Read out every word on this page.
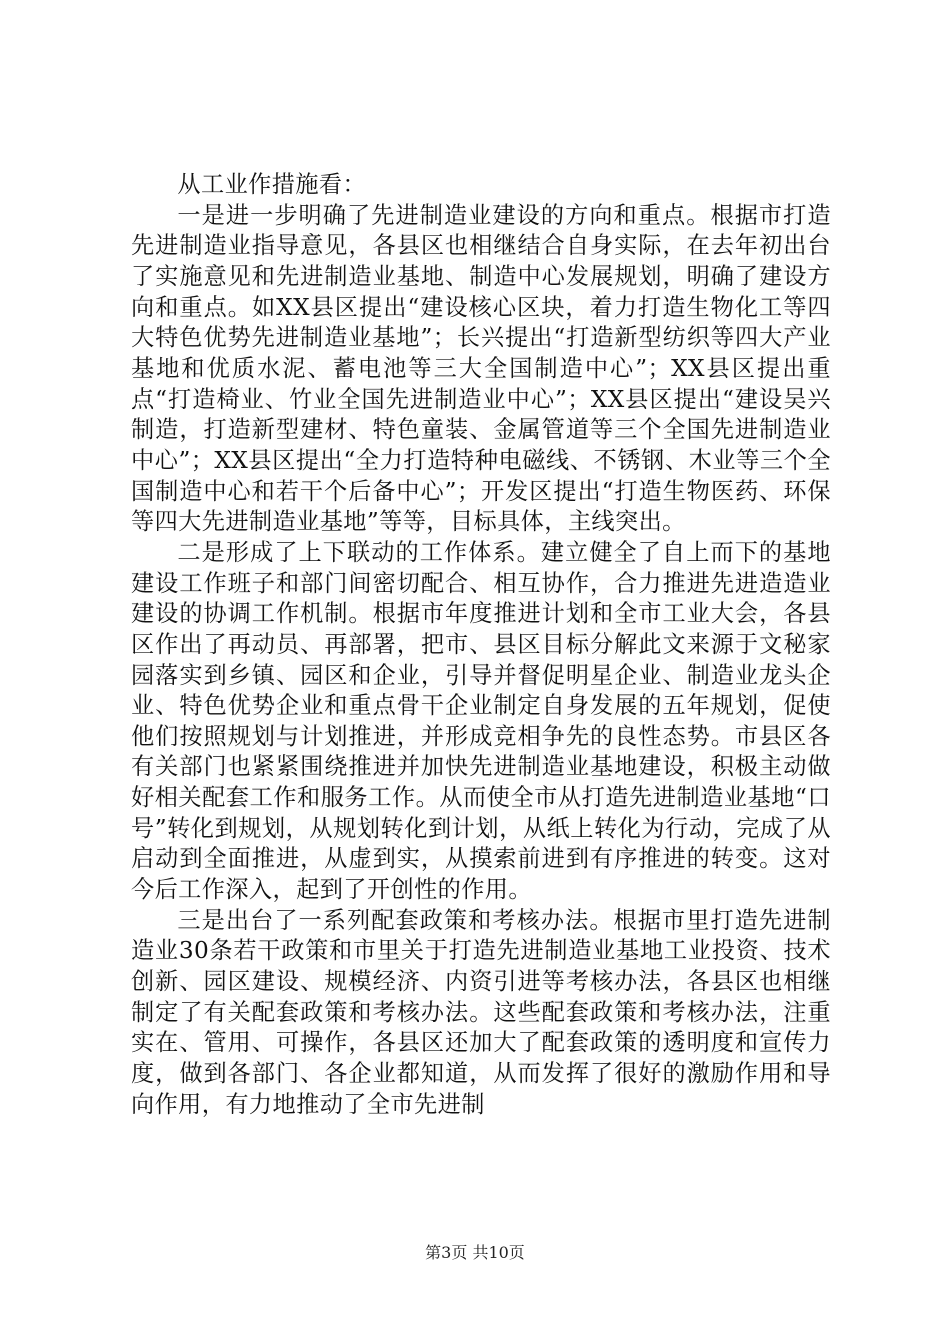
从工业作措施看：

一是进一步明确了先进制造业建设的方向和重点。根据市打造先进制造业指导意见，各县区也相继结合自身实际，在去年初出台了实施意见和先进制造业基地、制造中心发展规划，明确了建设方向和重点。如XX县区提出“建设核心区块，着力打造生物化工等四大特色优势先进制造业基地”；长兴提出“打造新型纺织等四大产业基地和优质水泥、蓄电池等三大全国制造中心”；XX县区提出重点“打造椅业、竹业全国先进制造业中心”；XX县区提出“建设吴兴制造，打造新型建材、特色童装、金属管道等三个全国先进制造业中心”；XX县区提出“全力打造特种电磁线、不锈钢、木业等三个全国制造中心和若干个后备中心”；开发区提出“打造生物医药、环保等四大先进制造业基地”等等，目标具体，主线突出。

二是形成了上下联动的工作体系。建立健全了自上而下的基地建设工作班子和部门间密切配合、相互协作，合力推进先进造造业建设的协调工作机制。根据市年度推进计划和全市工业大会，各县区作出了再动员、再部署，把市、县区目标分解此文来源于文秘家园落实到乡镇、园区和企业，引导并督促明星企业、制造业龙头企业、特色优势企业和重点骨干企业制定自身发展的五年规划，促使他们按照规划与计划推进，并形成竞相争先的良性态势。市县区各有关部门也紧紧围绕推进并加快先进制造业基地建设，积极主动做好相关配套工作和服务工作。从而使全市从打造先进制造业基地“口号”转化到规划，从规划转化到计划，从纸上转化为行动，完成了从启动到全面推进，从虚到实，从摸索前进到有序推进的转变。这对今后工作深入，起到了开创性的作用。

三是出台了一系列配套政策和考核办法。根据市里打造先进制造业30条若干政策和市里关于打造先进制造业基地工业投资、技术创新、园区建设、规模经济、内资引进等考核办法，各县区也相继制定了有关配套政策和考核办法。这些配套政策和考核办法，注重实在、管用、可操作，各县区还加大了配套政策的透明度和宣传力度，做到各部门、各企业都知道，从而发挥了很好的激励作用和导向作用，有力地推动了全市先进制

第3页 共10页
